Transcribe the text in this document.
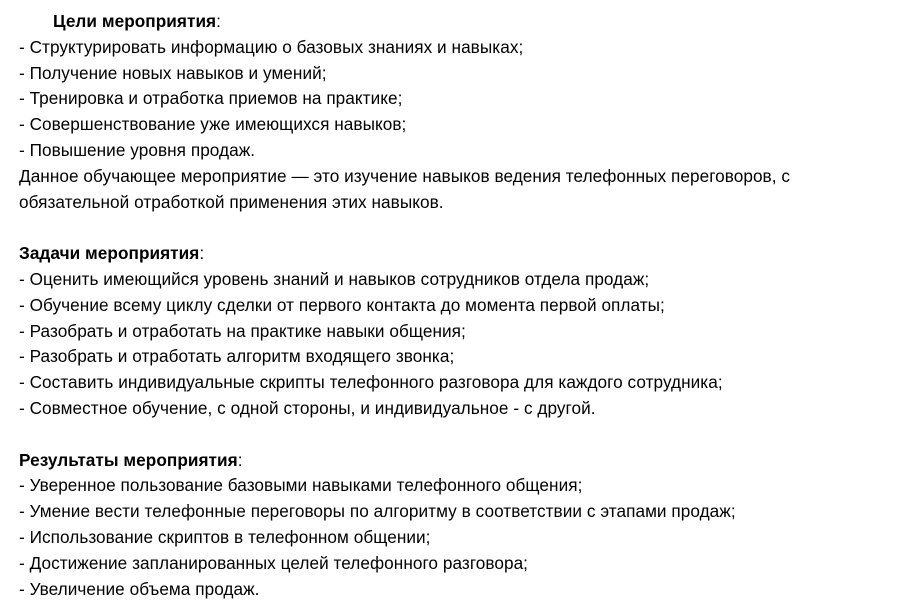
Цели мероприятия:
- Структурировать информацию о базовых знаниях и навыках;
- Получение новых навыков и умений;
- Тренировка и отработка приемов на практике;
- Совершенствование уже имеющихся навыков;
- Повышение уровня продаж.
Данное обучающее мероприятие — это изучение навыков ведения телефонных переговоров, с обязательной отработкой применения этих навыков.
Задачи мероприятия:
- Оценить имеющийся уровень знаний и навыков сотрудников отдела продаж;
- Обучение всему циклу сделки от первого контакта до момента первой оплаты;
- Разобрать и отработать на практике навыки общения;
- Разобрать и отработать алгоритм входящего звонка;
- Составить индивидуальные скрипты телефонного разговора для каждого сотрудника;
- Совместное обучение, с одной стороны, и индивидуальное - с другой.
Результаты мероприятия:
- Уверенное пользование базовыми навыками телефонного общения;
- Умение вести телефонные переговоры по алгоритму в соответствии с этапами продаж;
- Использование скриптов в телефонном общении;
- Достижение запланированных целей телефонного разговора;
- Увеличение объема продаж.
